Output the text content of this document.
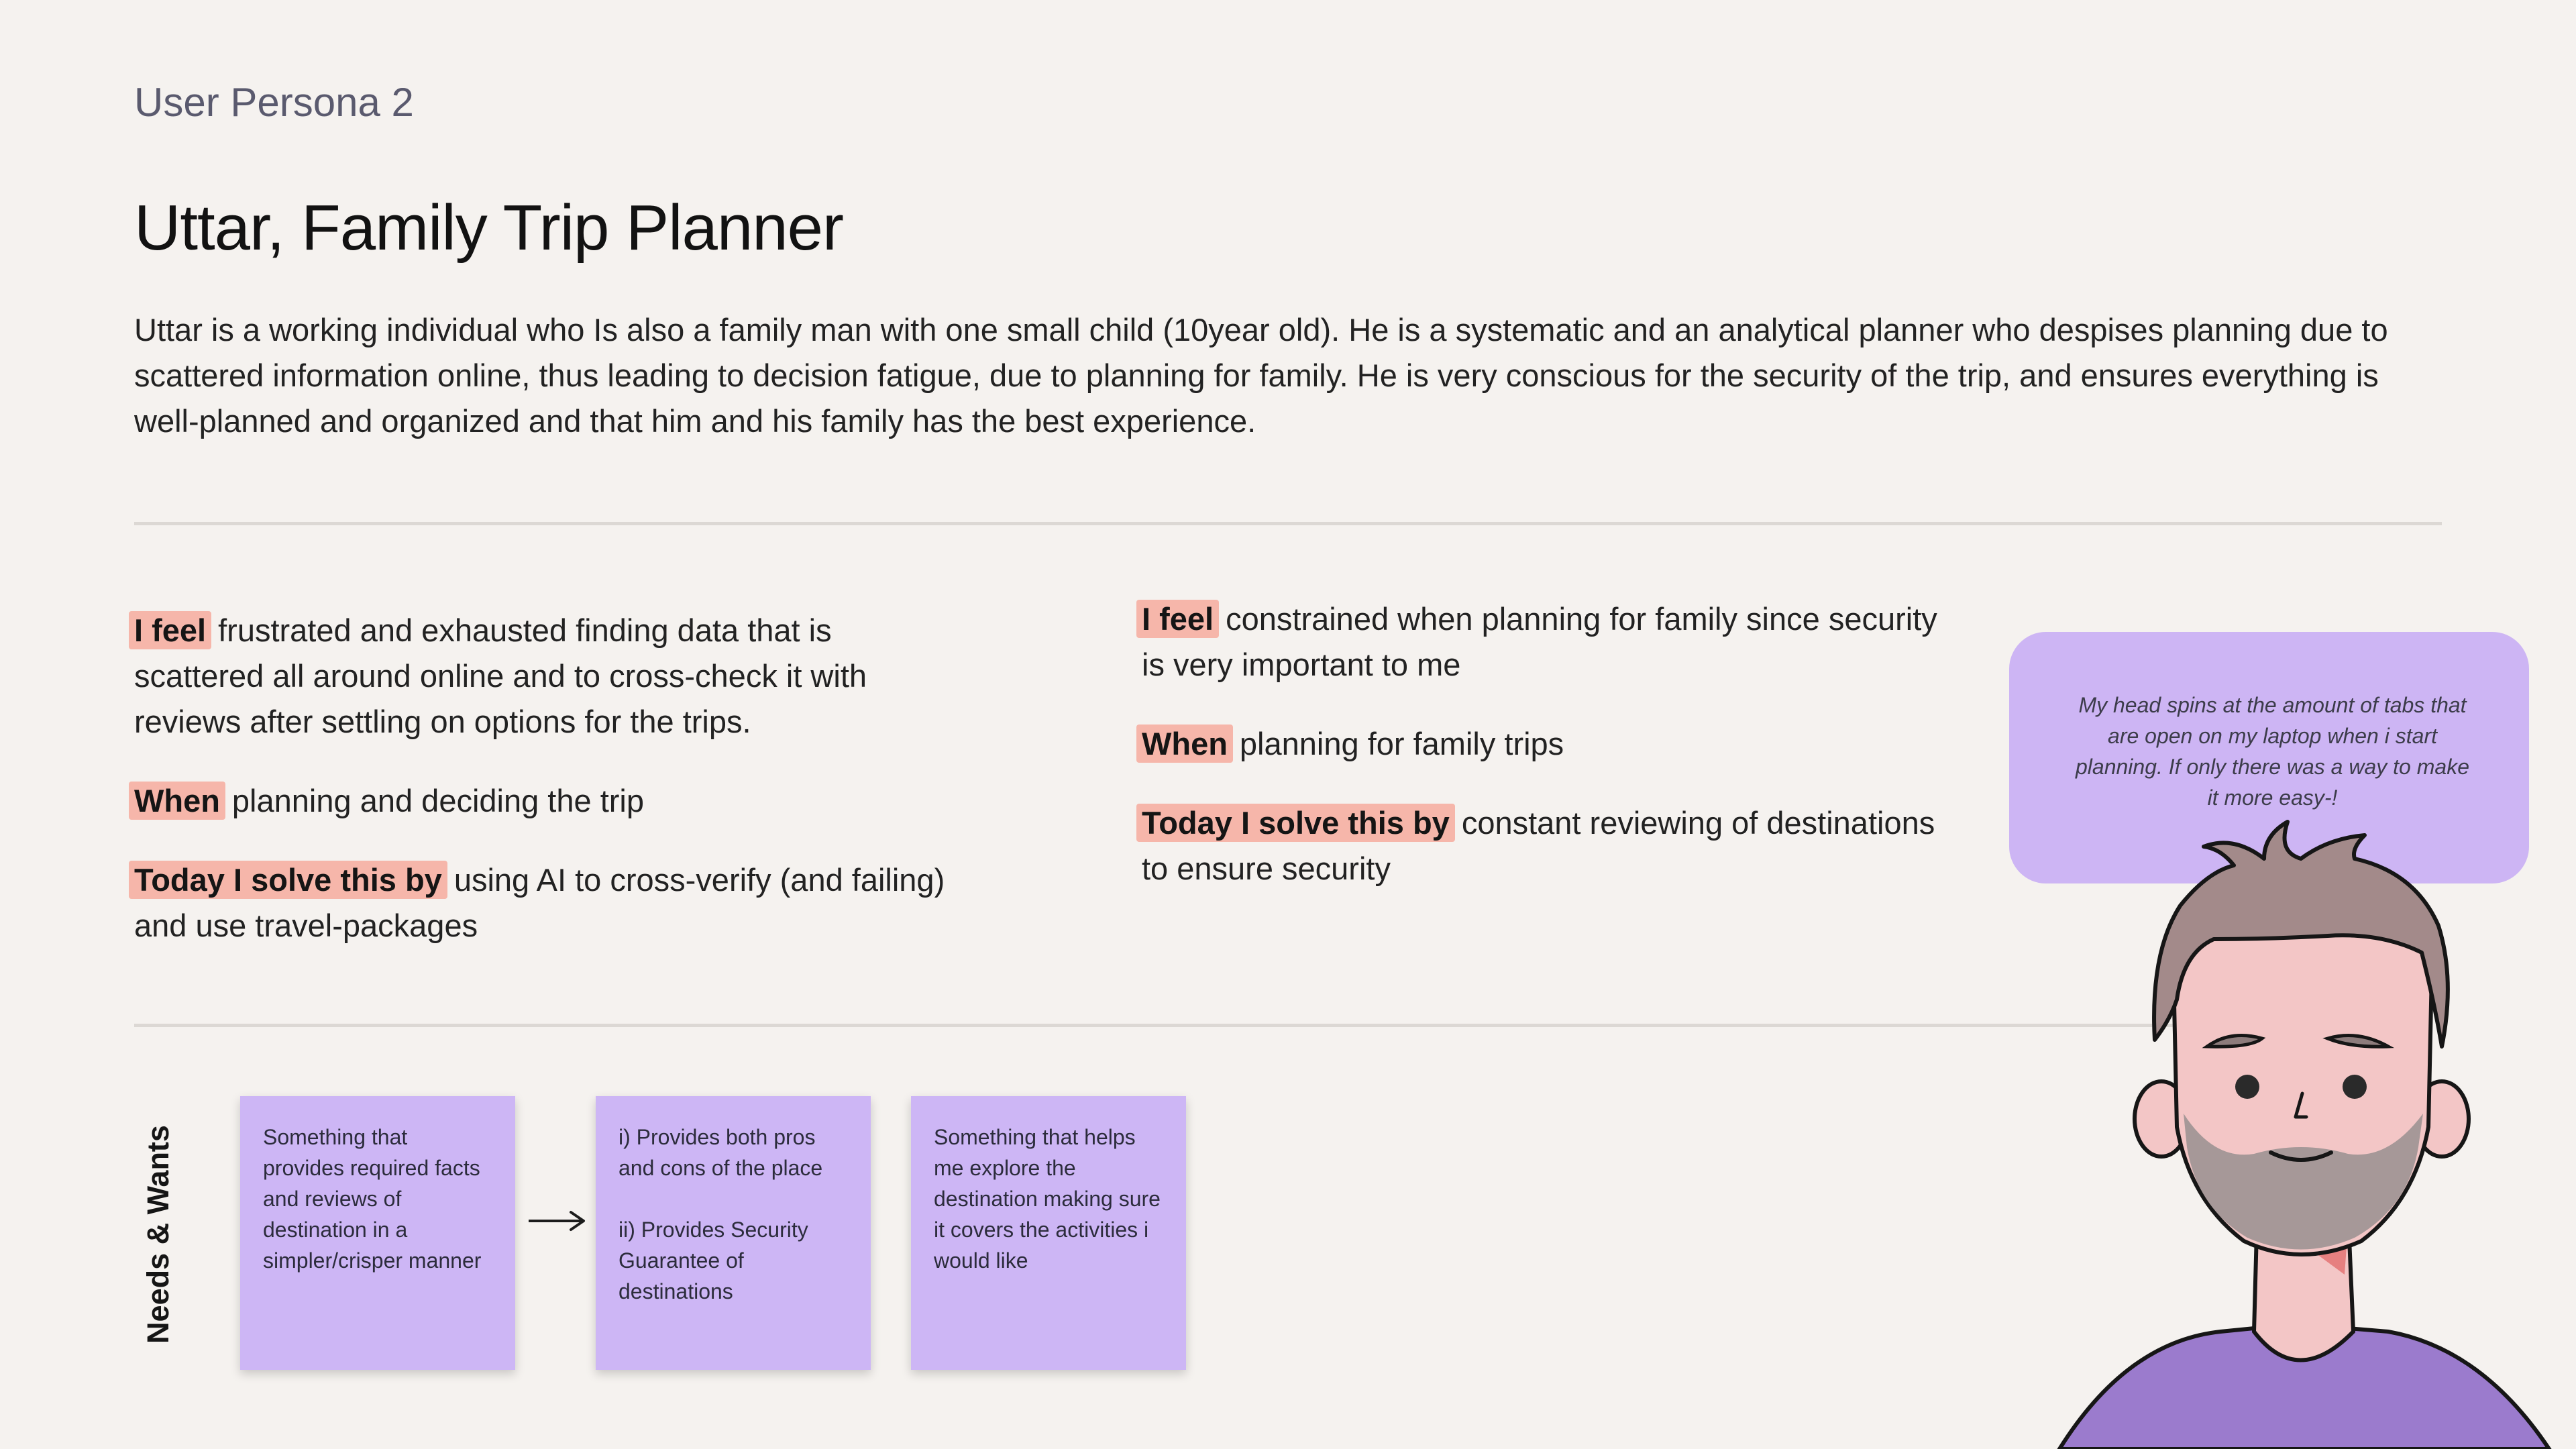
User Persona 2
Uttar, Family Trip Planner
Uttar is a working individual who Is also a family man with one small child (10year old). He is a systematic and an analytical planner who despises planning due to scattered information online, thus leading to decision fatigue, due to planning for family. He is very conscious for the security of the trip, and ensures everything is well-planned and organized and that him and his family has the best experience.

I feel frustrated and exhausted finding data that is scattered all around online and to cross-check it with reviews after settling on options for the trips.

When planning and deciding the trip

Today I solve this by using AI to cross-verify (and failing) and use travel-packages

I feel constrained when planning for family since security is very important to me

When planning for family trips

Today I solve this by constant reviewing of destinations to ensure security

My head spins at the amount of tabs that are open on my laptop when i start planning. If only there was a way to make it more easy-!
Needs & Wants	Something that provides required facts and reviews of destination in a simpler/crisper manner
i) Provides both pros and cons of the place

ii) Provides Security Guarantee of destinations
Something that helps me explore the destination making sure it covers the activities i would like
